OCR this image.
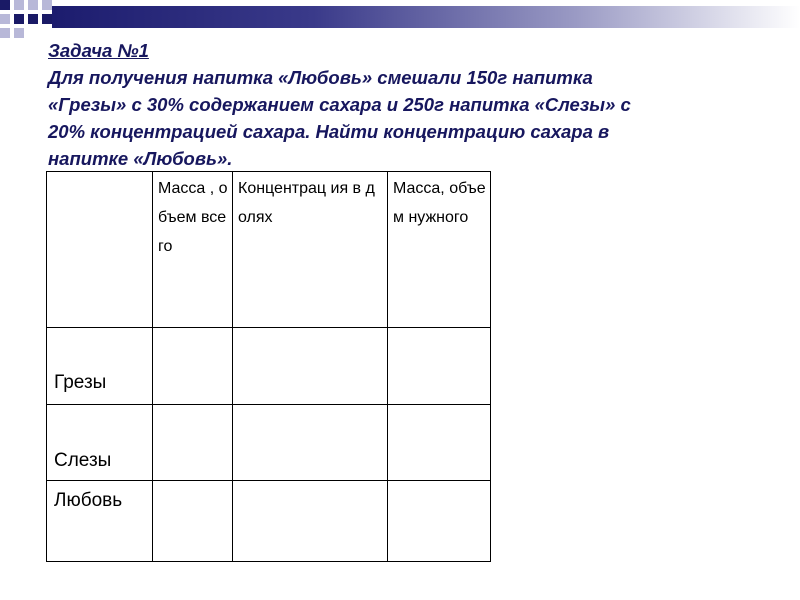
Задача №1
Для получения напитка «Любовь» смешали 150г напитка
«Грезы» с 30% содержанием сахара и 250г напитка «Слезы» с
20% концентрацией сахара. Найти концентрацию сахара в
напитке «Любовь».

	Масса , объем всего	Концентрац ия в долях	Масса, объем нужного

Грезы			

Слезы			

Любовь			
